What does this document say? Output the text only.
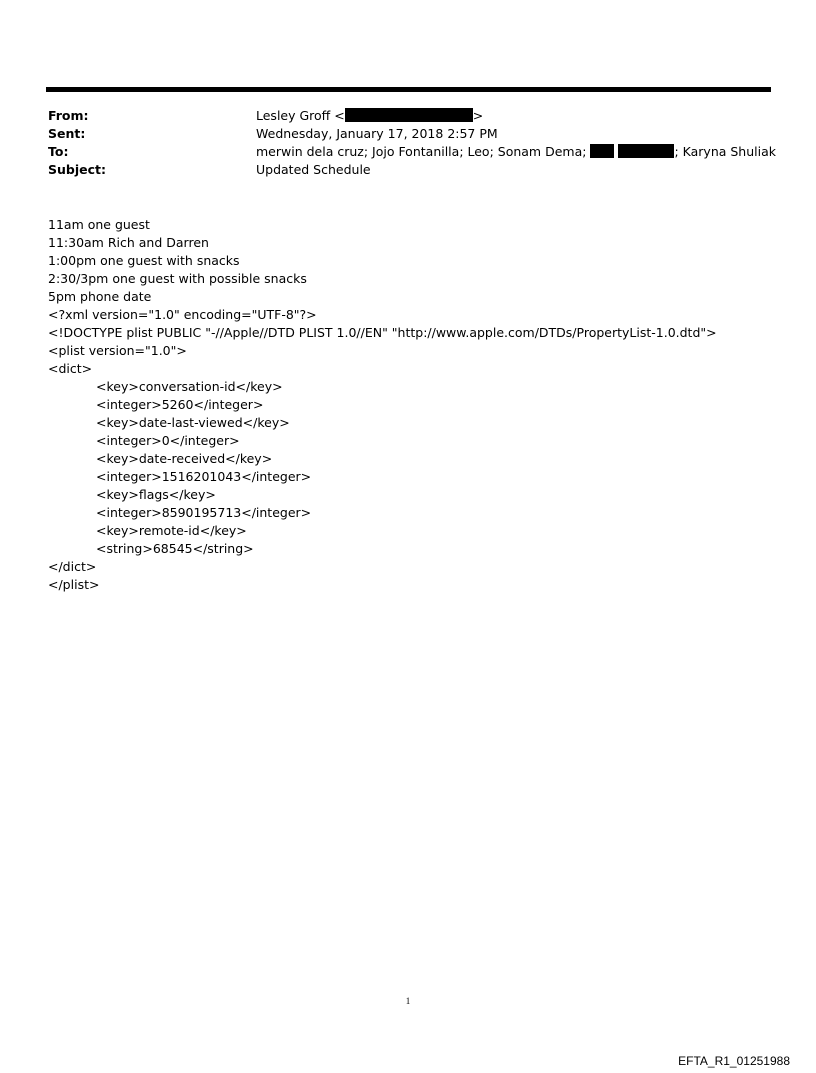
From:	Lesley Groff <	>
Sent:	Wednesday, January 17, 2018 2:57 PM
To:	merwin dela cruz; Jojo Fontanilla; Leo; Sonam Dema;	; Karyna Shuliak
Subject:	Updated Schedule
11am one guest
11:30am Rich and Darren
1:00pm one guest with snacks
2:30/3pm one guest with possible snacks
5pm phone date
<?xml version="1.0" encoding="UTF-8"?>
<!DOCTYPE plist PUBLIC "-//Apple//DTD PLIST 1.0//EN" "http://www.apple.com/DTDs/PropertyList-1.0.dtd">
<plist version="1.0">
<dict>
<key>conversation-id</key>
<integer>5260</integer>
<key>date-last-viewed</key>
<integer>0</integer>
<key>date-received</key>
<integer>1516201043</integer>
<key>flags</key>
<integer>8590195713</integer>
<key>remote-id</key>
<string>68545</string>
</dict>
</plist>
1
EFTA_R1_01251988
